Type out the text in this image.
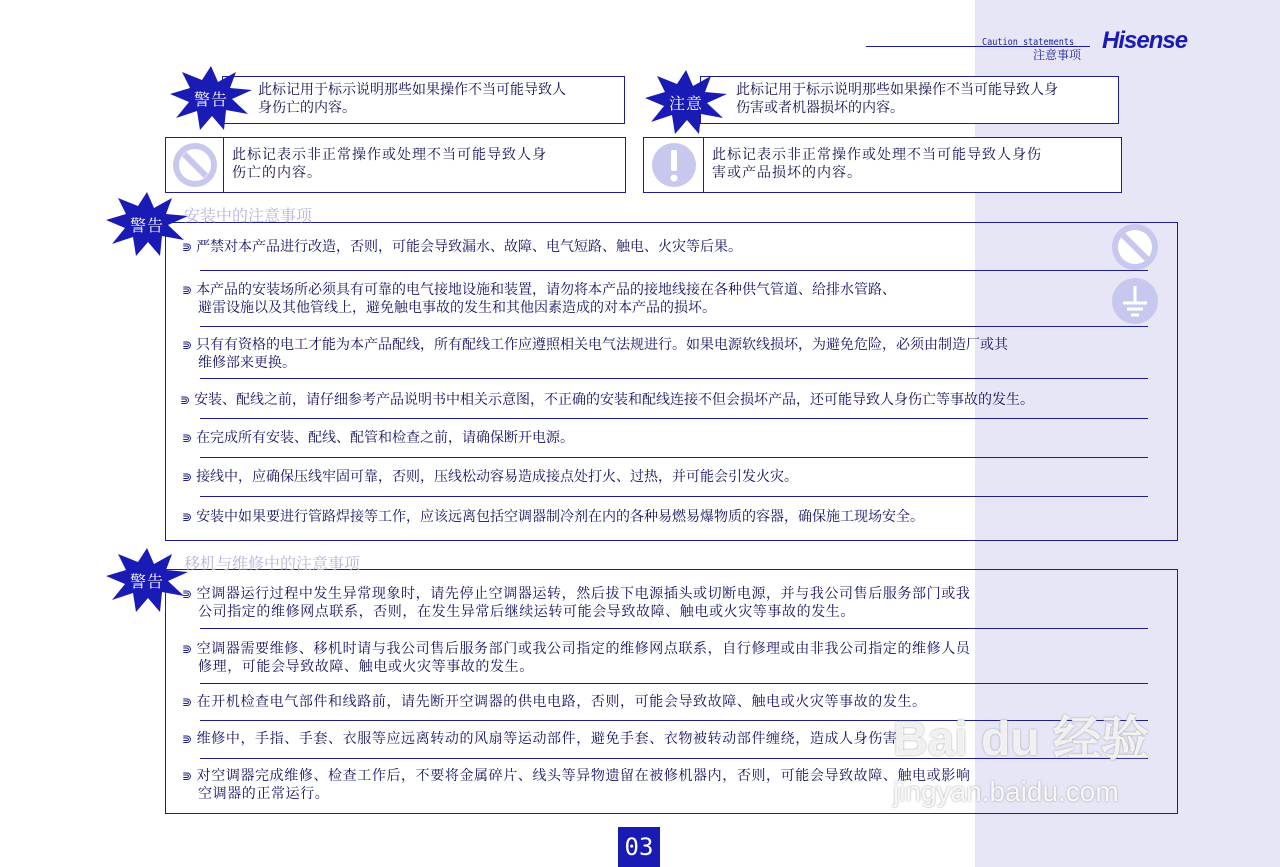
Caution statements
注意事项
Hisense
警告	此标记用于标示说明那些如果操作不当可能导致人
身伤亡的内容。	注意
此标记用于标示说明那些如果操作不当可能导致人身
伤害或者机器损坏的内容。
此标记表示非正常操作或处理不当可能导致人身
伤亡的内容。
此标记表示非正常操作或处理不当可能导致人身伤
害或产品损坏的内容。
警告	安装中的注意事项
⋑ 严禁对本产品进行改造，否则，可能会导致漏水、故障、电气短路、触电、火灾等后果。
⋑ 本产品的安装场所必须具有可靠的电气接地设施和装置，请勿将本产品的接地线接在各种供气管道、给排水管路、
避雷设施以及其他管线上，避免触电事故的发生和其他因素造成的对本产品的损坏。
⋑ 只有有资格的电工才能为本产品配线，所有配线工作应遵照相关电气法规进行。如果电源软线损坏，为避免危险，必须由制造厂或其
维修部来更换。
⋑ 安装、配线之前，请仔细参考产品说明书中相关示意图，不正确的安装和配线连接不但会损坏产品，还可能导致人身伤亡等事故的发生。
⋑ 在完成所有安装、配线、配管和检查之前，请确保断开电源。
⋑ 接线中，应确保压线牢固可靠，否则，压线松动容易造成接点处打火、过热，并可能会引发火灾。
⋑ 安装中如果要进行管路焊接等工作，应该远离包括空调器制冷剂在内的各种易燃易爆物质的容器，确保施工现场安全。
警告
移机与维修中的注意事项
⋑ 空调器运行过程中发生异常现象时，请先停止空调器运转，然后拔下电源插头或切断电源，并与我公司售后服务部门或我
公司指定的维修网点联系，否则，在发生异常后继续运转可能会导致故障、触电或火灾等事故的发生。
⋑ 空调器需要维修、移机时请与我公司售后服务部门或我公司指定的维修网点联系，自行修理或由非我公司指定的维修人员
修理，可能会导致故障、触电或火灾等事故的发生。
⋑ 在开机检查电气部件和线路前，请先断开空调器的供电电路，否则，可能会导致故障、触电或火灾等事故的发生。
⋑ 维修中，手指、手套、衣服等应远离转动的风扇等运动部件，避免手套、衣物被转动部件缠绕，造成人身伤害。
⋑ 对空调器完成维修、检查工作后，不要将金属碎片、线头等异物遗留在被修机器内，否则，可能会导致故障、触电或影响
空调器的正常运行。
Bai du 经验
jingyan.baidu.com
03
